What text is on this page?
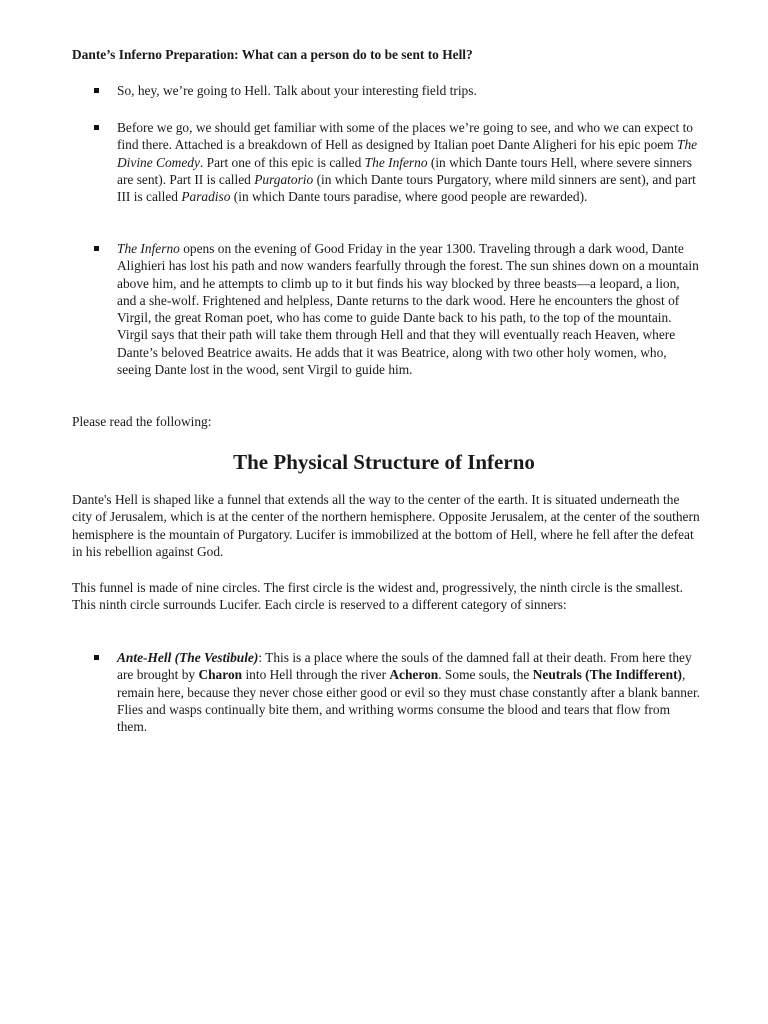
Dante’s Inferno Preparation: What can a person do to be sent to Hell?
So, hey, we’re going to Hell. Talk about your interesting field trips.
Before we go, we should get familiar with some of the places we’re going to see, and who we can expect to find there. Attached is a breakdown of Hell as designed by Italian poet Dante Aligheri for his epic poem The Divine Comedy. Part one of this epic is called The Inferno (in which Dante tours Hell, where severe sinners are sent). Part II is called Purgatorio (in which Dante tours Purgatory, where mild sinners are sent), and part III is called Paradiso (in which Dante tours paradise, where good people are rewarded).
The Inferno opens on the evening of Good Friday in the year 1300. Traveling through a dark wood, Dante Alighieri has lost his path and now wanders fearfully through the forest. The sun shines down on a mountain above him, and he attempts to climb up to it but finds his way blocked by three beasts—a leopard, a lion, and a she-wolf. Frightened and helpless, Dante returns to the dark wood. Here he encounters the ghost of Virgil, the great Roman poet, who has come to guide Dante back to his path, to the top of the mountain. Virgil says that their path will take them through Hell and that they will eventually reach Heaven, where Dante’s beloved Beatrice awaits. He adds that it was Beatrice, along with two other holy women, who, seeing Dante lost in the wood, sent Virgil to guide him.
Please read the following:
The Physical Structure of Inferno

Dante's Hell is shaped like a funnel that extends all the way to the center of the earth. It is situated underneath the city of Jerusalem, which is at the center of the northern hemisphere. Opposite Jerusalem, at the center of the southern hemisphere is the mountain of Purgatory. Lucifer is immobilized at the bottom of Hell, where he fell after the defeat in his rebellion against God.

This funnel is made of nine circles. The first circle is the widest and, progressively, the ninth circle is the smallest. This ninth circle surrounds Lucifer. Each circle is reserved to a different category of sinners:

Ante-Hell (The Vestibule): This is a place where the souls of the damned fall at their death. From here they are brought by Charon into Hell through the river Acheron. Some souls, the Neutrals (The Indifferent), remain here, because they never chose either good or evil so they must chase constantly after a blank banner. Flies and wasps continually bite them, and writhing worms consume the blood and tears that flow from them.
